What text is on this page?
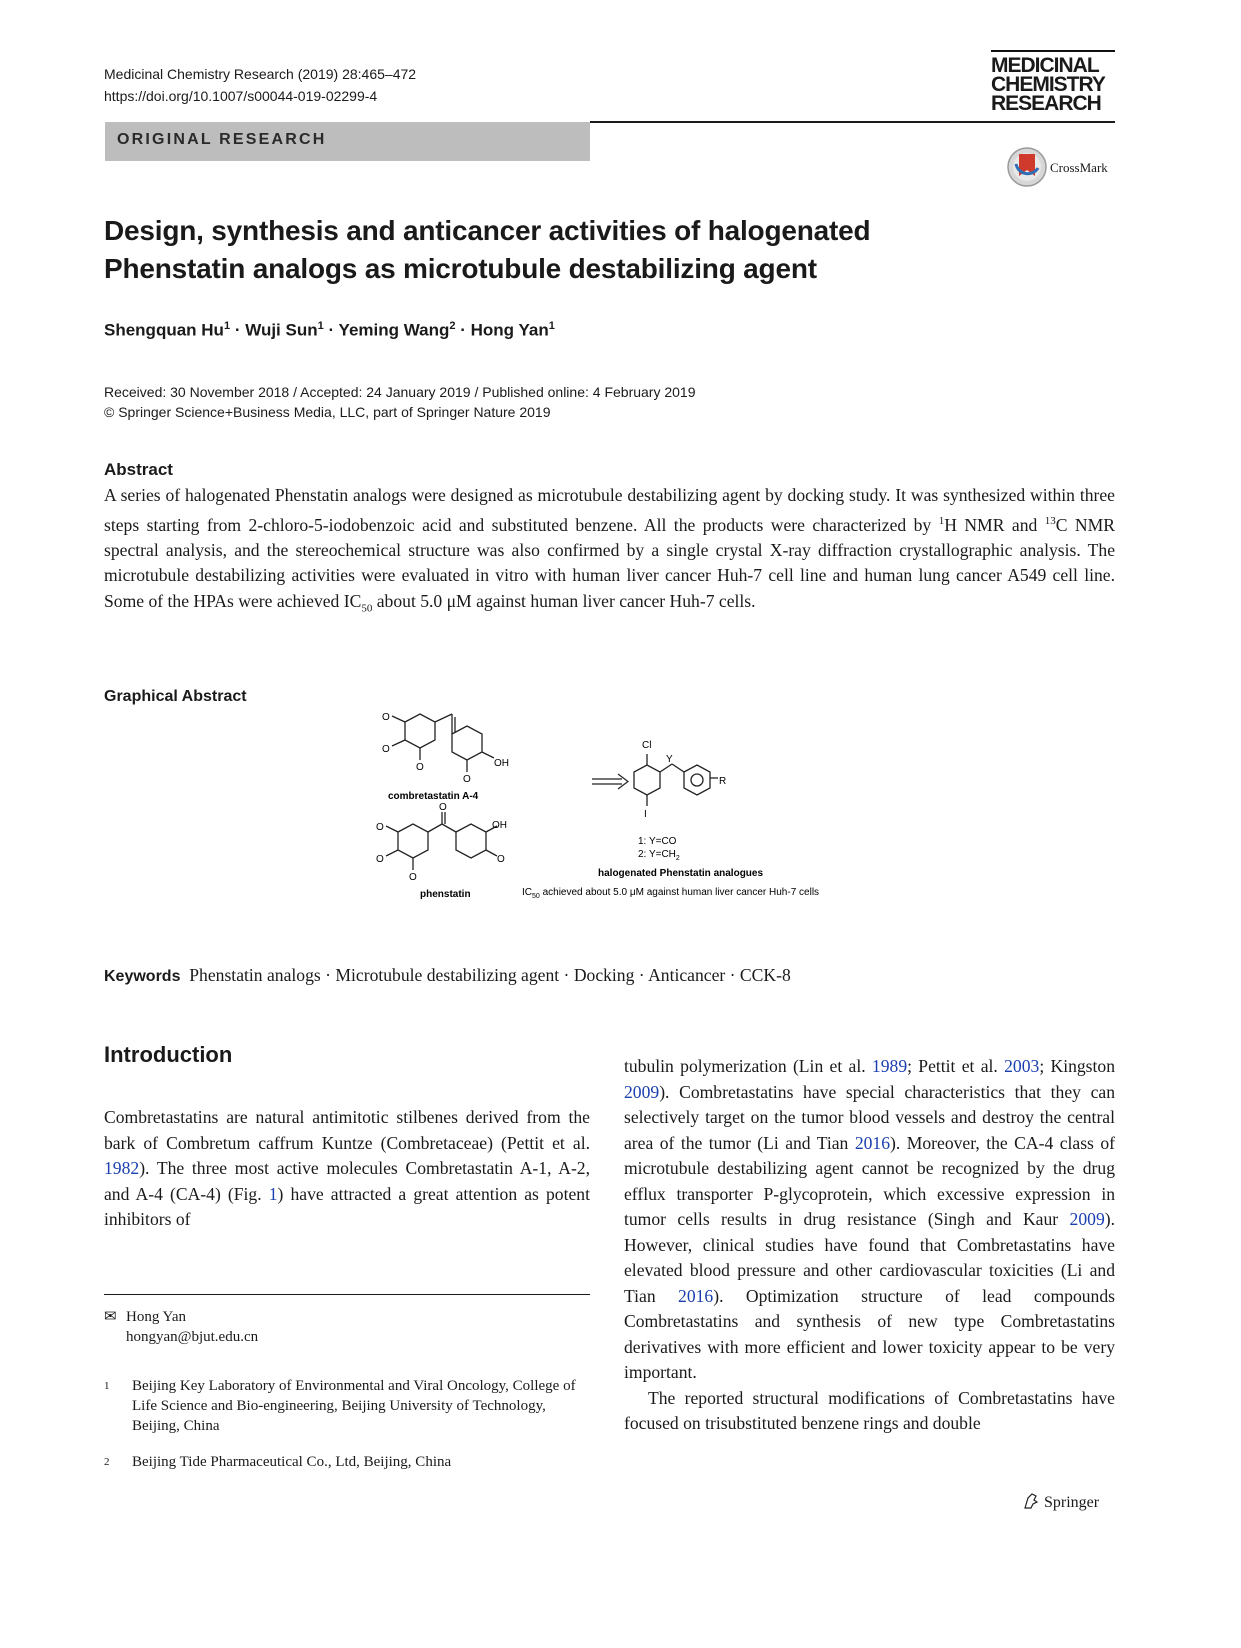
Medicinal Chemistry Research (2019) 28:465–472
https://doi.org/10.1007/s00044-019-02299-4
ORIGINAL RESEARCH
MEDICINAL
CHEMISTRY
RESEARCH
CrossMark
Design, synthesis and anticancer activities of halogenated
Phenstatin analogs as microtubule destabilizing agent
Shengquan $Hu^1$ · Wuji Sun$^1$ · Yeming Wang$^2$ · Hong Yan$^1$
Received: 30 November 2018 / Accepted: 24 January 2019 / Published online: 4 February 2019
© Springer Science+Business Media, LLC, part of Springer Nature 2019
Abstract
A series of halogenated Phenstatin analogs were designed as microtubule destabilizing agent by docking study. It was synthesized within three steps starting from 2-chloro-5-iodobenzoic acid and substituted benzene. All the products were characterized by $^1$H NMR and $^{13}$C NMR spectral analysis, and the stereochemical structure was also confirmed by a single crystal X-ray diffraction crystallographic analysis. The microtubule destabilizing activities were evaluated in vitro with human liver cancer Huh-7 cell line and human lung cancer A549 cell line. Some of the HPAs were achieved $IC_{50}$ about 5.0 μM against human liver cancer Huh-7 cells.
Graphical Abstract
O
O
O	OH
O
combretastatin A-4
O
O
O
O
OH
O
phenstatin
Cl
Y
R
I
1: Y=CO
2: $Y=CH_2$
halogenated Phenstatin analogues
$IC_{50}$ achieved about 5.0 μM against human liver cancer Huh-7 cells
Keywords Phenstatin analogs · Microtubule destabilizing agent · Docking · Anticancer · CCK-8
Introduction
Combretastatins are natural antimitotic stilbenes derived from the bark of Combretum caffrum Kuntze (Combretaceae) (Pettit et al. 1982). The three most active molecules Combretastatin A-1, A-2, and A-4 (CA-4) (Fig. 1) have attracted a great attention as potent inhibitors of

tubulin polymerization (Lin et al. 1989; Pettit et al. 2003; Kingston 2009). Combretastatins have special characteristics that they can selectively target on the tumor blood vessels and destroy the central area of the tumor (Li and Tian 2016). Moreover, the CA-4 class of microtubule destabilizing agent cannot be recognized by the drug efflux transporter P-glycoprotein, which excessive expression in tumor cells results in drug resistance (Singh and Kaur 2009). However, clinical studies have found that Combretastatins have elevated blood pressure and other cardiovascular toxicities (Li and Tian 2016). Optimization structure of lead compounds Combretastatins and synthesis of new type Combretastatins derivatives with more efficient and lower toxicity appear to be very important.

The reported structural modifications of Combretastatins have focused on trisubstituted benzene rings and double

✉ Hong Yan
hongyan@bjut.edu.cn
1 Beijing Key Laboratory of Environmental and Viral Oncology, College of Life Science and Bio-engineering, Beijing University of Technology, Beijing, China
2 Beijing Tide Pharmaceutical Co., Ltd, Beijing, China
Springer
